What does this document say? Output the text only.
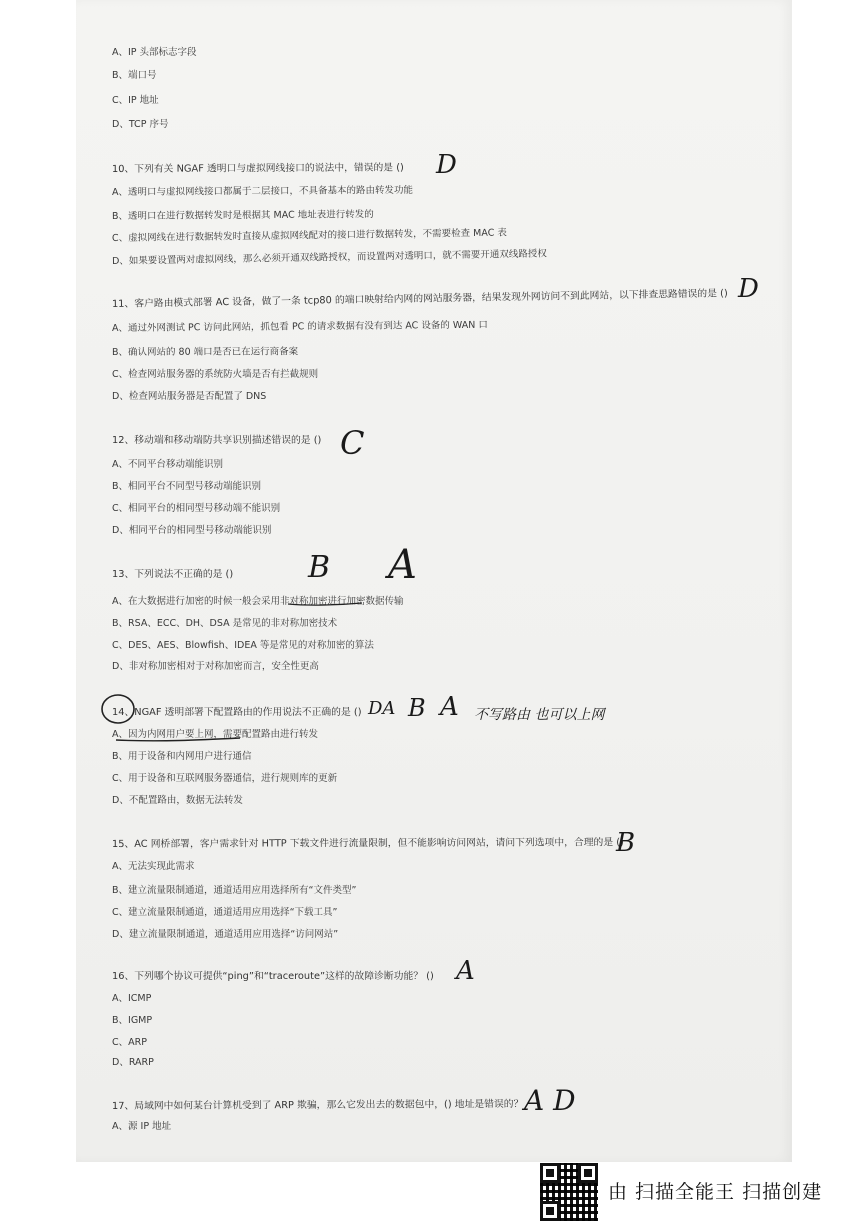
A、IP 头部标志字段
B、端口号
C、IP 地址
D、TCP 序号
10、下列有关 NGAF 透明口与虚拟网线接口的说法中，错误的是 ()
A、透明口与虚拟网线接口都属于二层接口，不具备基本的路由转发功能
B、透明口在进行数据转发时是根据其 MAC 地址表进行转发的
C、虚拟网线在进行数据转发时直接从虚拟网线配对的接口进行数据转发，不需要检查 MAC 表
D、如果要设置两对虚拟网线，那么必须开通双线路授权，而设置两对透明口，就不需要开通双线路授权
11、客户路由模式部署 AC 设备，做了一条 tcp80 的端口映射给内网的网站服务器，结果发现外网访问不到此网站，以下排查思路错误的是 ()
A、通过外网测试 PC 访问此网站，抓包看 PC 的请求数据有没有到达 AC 设备的 WAN 口
B、确认网站的 80 端口是否已在运行商备案
C、检查网站服务器的系统防火墙是否有拦截规则
D、检查网站服务器是否配置了 DNS
12、移动端和移动端防共享识别描述错误的是 ()
A、不同平台移动端能识别
B、相同平台不同型号移动端能识别
C、相同平台的相同型号移动端不能识别
D、相同平台的相同型号移动端能识别
13、下列说法不正确的是 ()
A、在大数据进行加密的时候一般会采用非对称加密进行加密数据传输
B、RSA、ECC、DH、DSA 是常见的非对称加密技术
C、DES、AES、Blowfish、IDEA 等是常见的对称加密的算法
D、非对称加密相对于对称加密而言，安全性更高
14、NGAF 透明部署下配置路由的作用说法不正确的是 ()
A、因为内网用户要上网，需要配置路由进行转发
B、用于设备和内网用户进行通信
C、用于设备和互联网服务器通信，进行规则库的更新
D、不配置路由，数据无法转发
15、AC 网桥部署，客户需求针对 HTTP 下载文件进行流量限制，但不能影响访问网站，请问下列选项中，合理的是 ()
A、无法实现此需求
B、建立流量限制通道，通道适用应用选择所有“文件类型”
C、建立流量限制通道，通道适用应用选择“下载工具”
D、建立流量限制通道，通道适用应用选择“访问网站”
16、下列哪个协议可提供“ping”和“traceroute”这样的故障诊断功能？ ()
A、ICMP
B、IGMP
C、ARP
D、RARP
17、局域网中如何某台计算机受到了 ARP 欺骗，那么它发出去的数据包中，() 地址是错误的？
A、源 IP 地址
D
D
C
B A
DA B A 不写路由 也可以上网
B
A
A D
由 扫描全能王 扫描创建
